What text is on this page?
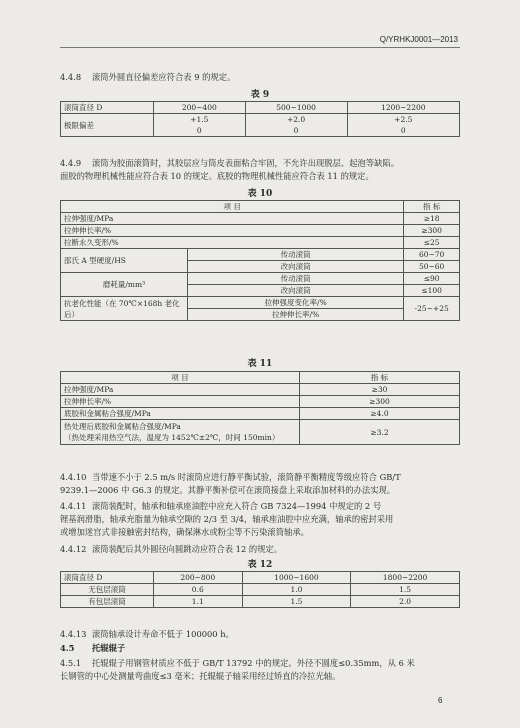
Q/YRHKJ0001—2013
4.4.8 滚筒外圆直径偏差应符合表 9 的规定。
表 9
滚筒直径 D	200~400	500~1000	1200~2200
极限偏差	+1.5	+2.0	+2.5
	0	0	0
4.4.9 滚筒为胶面滚筒时，其胶层应与筒皮表面粘合牢固，不允许出现脱层、起泡等缺陷。
面胶的物理机械性能应符合表 10 的规定。底胶的物理机械性能应符合表 11 的规定。
表 10
项 目		指 标
拉伸强度/MPa		≥18
拉伸伸长率/%		≥300
拉断永久变形/%		≤25
邵氏 A 型硬度/HS	传动滚筒	60~70
	改向滚筒	50~60
磨耗量/mm³	传动滚筒	≤90
	改向滚筒	≤100
抗老化性能（在 70℃×168h 老化后）	拉伸强度变化率/%	-25~+25
	拉伸伸长率/%	
表 11
项 目	指 标
拉伸强度/MPa	≥30
拉伸伸长率/%	≥300
底胶和金属粘合强度/MPa	≥4.0

热处理后底胶和金属粘合强度/MPa
（热处理采用热空气法，温度为 1452℃±2℃，时间 150min）	≥3.2
4.4.10 当带速不小于 2.5 m/s 时滚筒应进行静平衡试验，滚筒静平衡精度等级应符合 GB/T
9239.1—2006 中 G6.3 的规定。其静平衡补偿可在滚筒接盘上采取添加材料的办法实现。
4.4.11 滚筒装配时，轴承和轴承座油腔中应充入符合 GB 7324—1994 中规定的 2 号
锂基润滑脂，轴承充脂量为轴承空隙的 2/3 至 3/4，轴承座油腔中应充满，轴承的密封采用
或增加迷宫式非接触密封结构，确保淋水或粉尘等不污染滚筒轴承。
4.4.12 滚筒装配后其外圆径向圆跳动应符合表 12 的规定。
表 12
滚筒直径 D	200~800	1000~1600	1800~2200
无包层滚筒	0.6	1.0	1.5
有包层滚筒	1.1	1.5	2.0
4.4.13 滚筒轴承设计寿命不低于 100000 h。
4.5 托辊辊子
4.5.1 托辊辊子用钢管材质应不低于 GB/T 13792 中的规定。外径不圆度≤0.35mm，从 6 米
长钢管的中心处测量弯曲度≤3 毫米；托辊辊子轴采用经过矫直的冷拉光轴。
6
